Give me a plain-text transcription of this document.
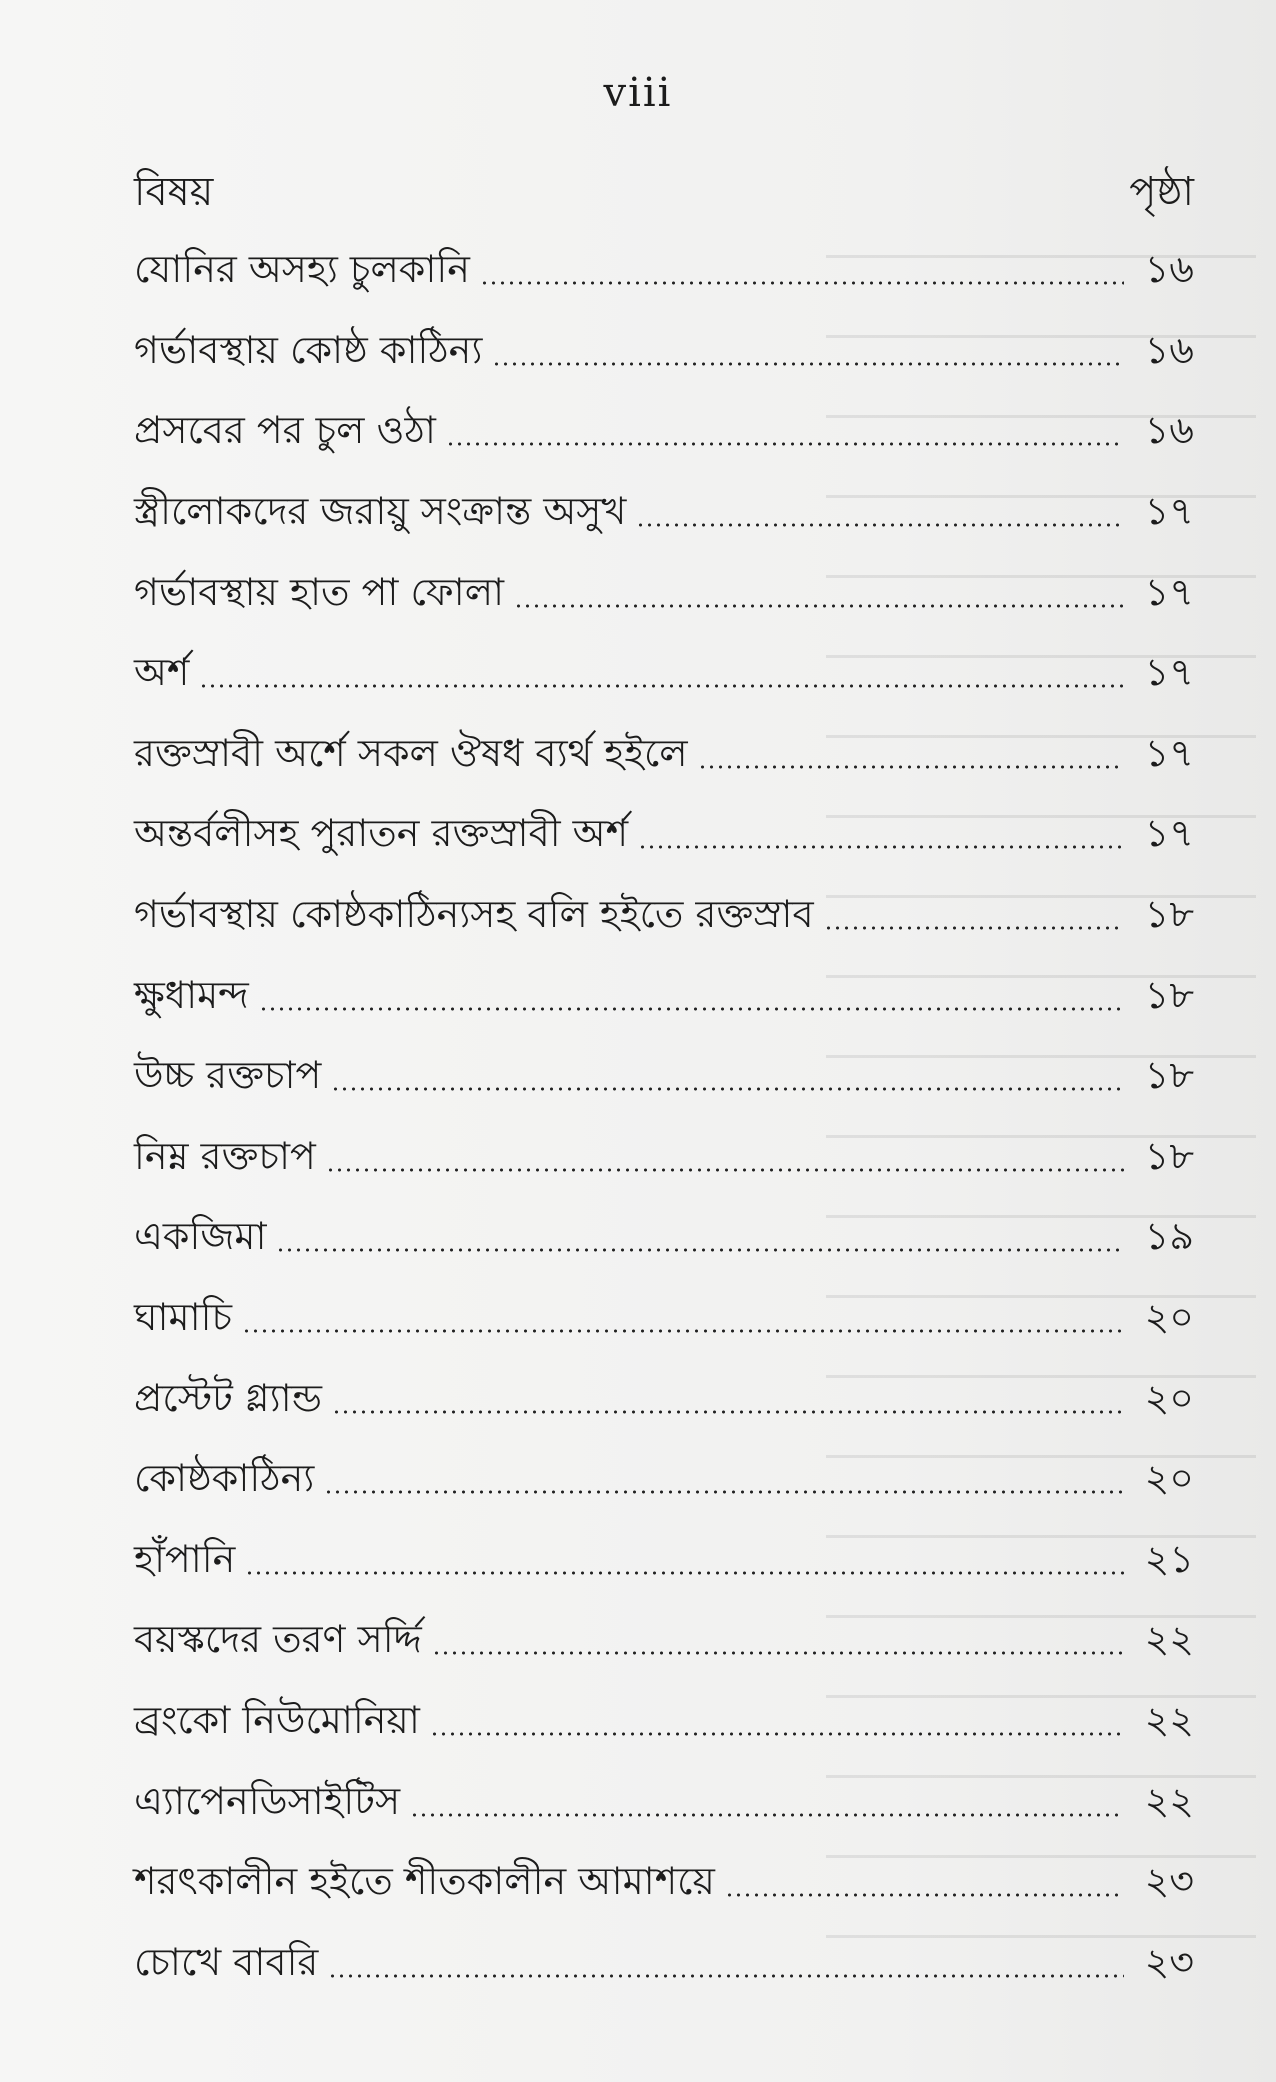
viii
বিষয়	পৃষ্ঠা
যোনির অসহ্য চুলকানি	১৬
গর্ভাবস্থায় কোষ্ঠ কাঠিন্য	১৬
প্রসবের পর চুল ওঠা	১৬
স্ত্রীলোকদের জরায়ু সংক্রান্ত অসুখ	১৭
গর্ভাবস্থায় হাত পা ফোলা	১৭
অর্শ	১৭
রক্তস্রাবী অর্শে সকল ঔষধ ব্যর্থ হইলে	১৭
অন্তর্বলীসহ পুরাতন রক্তস্রাবী অর্শ	১৭
গর্ভাবস্থায় কোষ্ঠকাঠিন্যসহ বলি হইতে রক্তস্রাব	১৮
ক্ষুধামন্দ	১৮
উচ্চ রক্তচাপ	১৮
নিম্ন রক্তচাপ	১৮
একজিমা	১৯
ঘামাচি	২০
প্রস্টেট গ্ল্যান্ড	২০
কোষ্ঠকাঠিন্য	২০
হাঁপানি	২১
বয়স্কদের তরণ সর্দ্দি	২২
ব্রংকো নিউমোনিয়া	২২
এ্যাপেনডিসাইটিস	২২
শরৎকালীন হইতে শীতকালীন আমাশয়ে	২৩
চোখে বাবরি	২৩
